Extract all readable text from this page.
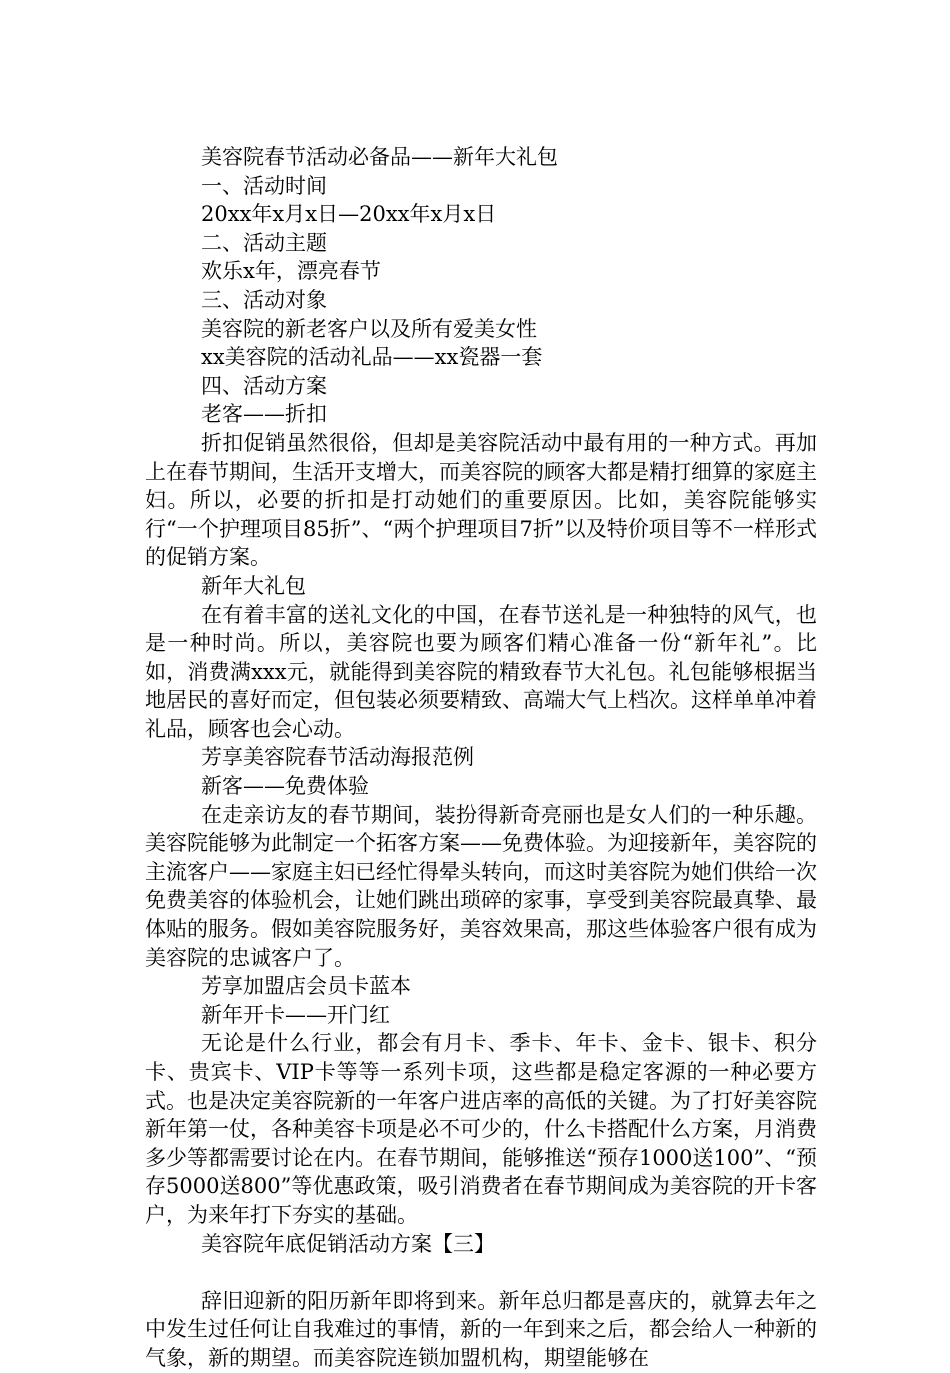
美容院春节活动必备品——新年大礼包

一、活动时间

20xx年x月x日—20xx年x月x日

二、活动主题

欢乐x年，漂亮春节

三、活动对象

美容院的新老客户以及所有爱美女性

xx美容院的活动礼品——xx瓷器一套

四、活动方案

老客——折扣

折扣促销虽然很俗，但却是美容院活动中最有用的一种方式。再加上在春节期间，生活开支增大，而美容院的顾客大都是精打细算的家庭主妇。所以，必要的折扣是打动她们的重要原因。比如，美容院能够实行“一个护理项目85折”、“两个护理项目7折”以及特价项目等不一样形式的促销方案。

新年大礼包

在有着丰富的送礼文化的中国，在春节送礼是一种独特的风气，也是一种时尚。所以，美容院也要为顾客们精心准备一份“新年礼”。比如，消费满xxx元，就能得到美容院的精致春节大礼包。礼包能够根据当地居民的喜好而定，但包装必须要精致、高端大气上档次。这样单单冲着礼品，顾客也会心动。

芳享美容院春节活动海报范例

新客——免费体验

在走亲访友的春节期间，装扮得新奇亮丽也是女人们的一种乐趣。美容院能够为此制定一个拓客方案——免费体验。为迎接新年，美容院的主流客户——家庭主妇已经忙得晕头转向，而这时美容院为她们供给一次免费美容的体验机会，让她们跳出琐碎的家事，享受到美容院最真挚、最体贴的服务。假如美容院服务好，美容效果高，那这些体验客户很有成为美容院的忠诚客户了。

芳享加盟店会员卡蓝本

新年开卡——开门红

无论是什么行业，都会有月卡、季卡、年卡、金卡、银卡、积分卡、贵宾卡、VIP卡等等一系列卡项，这些都是稳定客源的一种必要方式。也是决定美容院新的一年客户进店率的高低的关键。为了打好美容院新年第一仗，各种美容卡项是必不可少的，什么卡搭配什么方案，月消费多少等都需要讨论在内。在春节期间，能够推送“预存1000送100”、“预存5000送800”等优惠政策，吸引消费者在春节期间成为美容院的开卡客户，为来年打下夯实的基础。

美容院年底促销活动方案【三】

辞旧迎新的阳历新年即将到来。新年总归都是喜庆的，就算去年之中发生过任何让自我难过的事情，新的一年到来之后，都会给人一种新的气象，新的期望。而美容院连锁加盟机构，期望能够在
